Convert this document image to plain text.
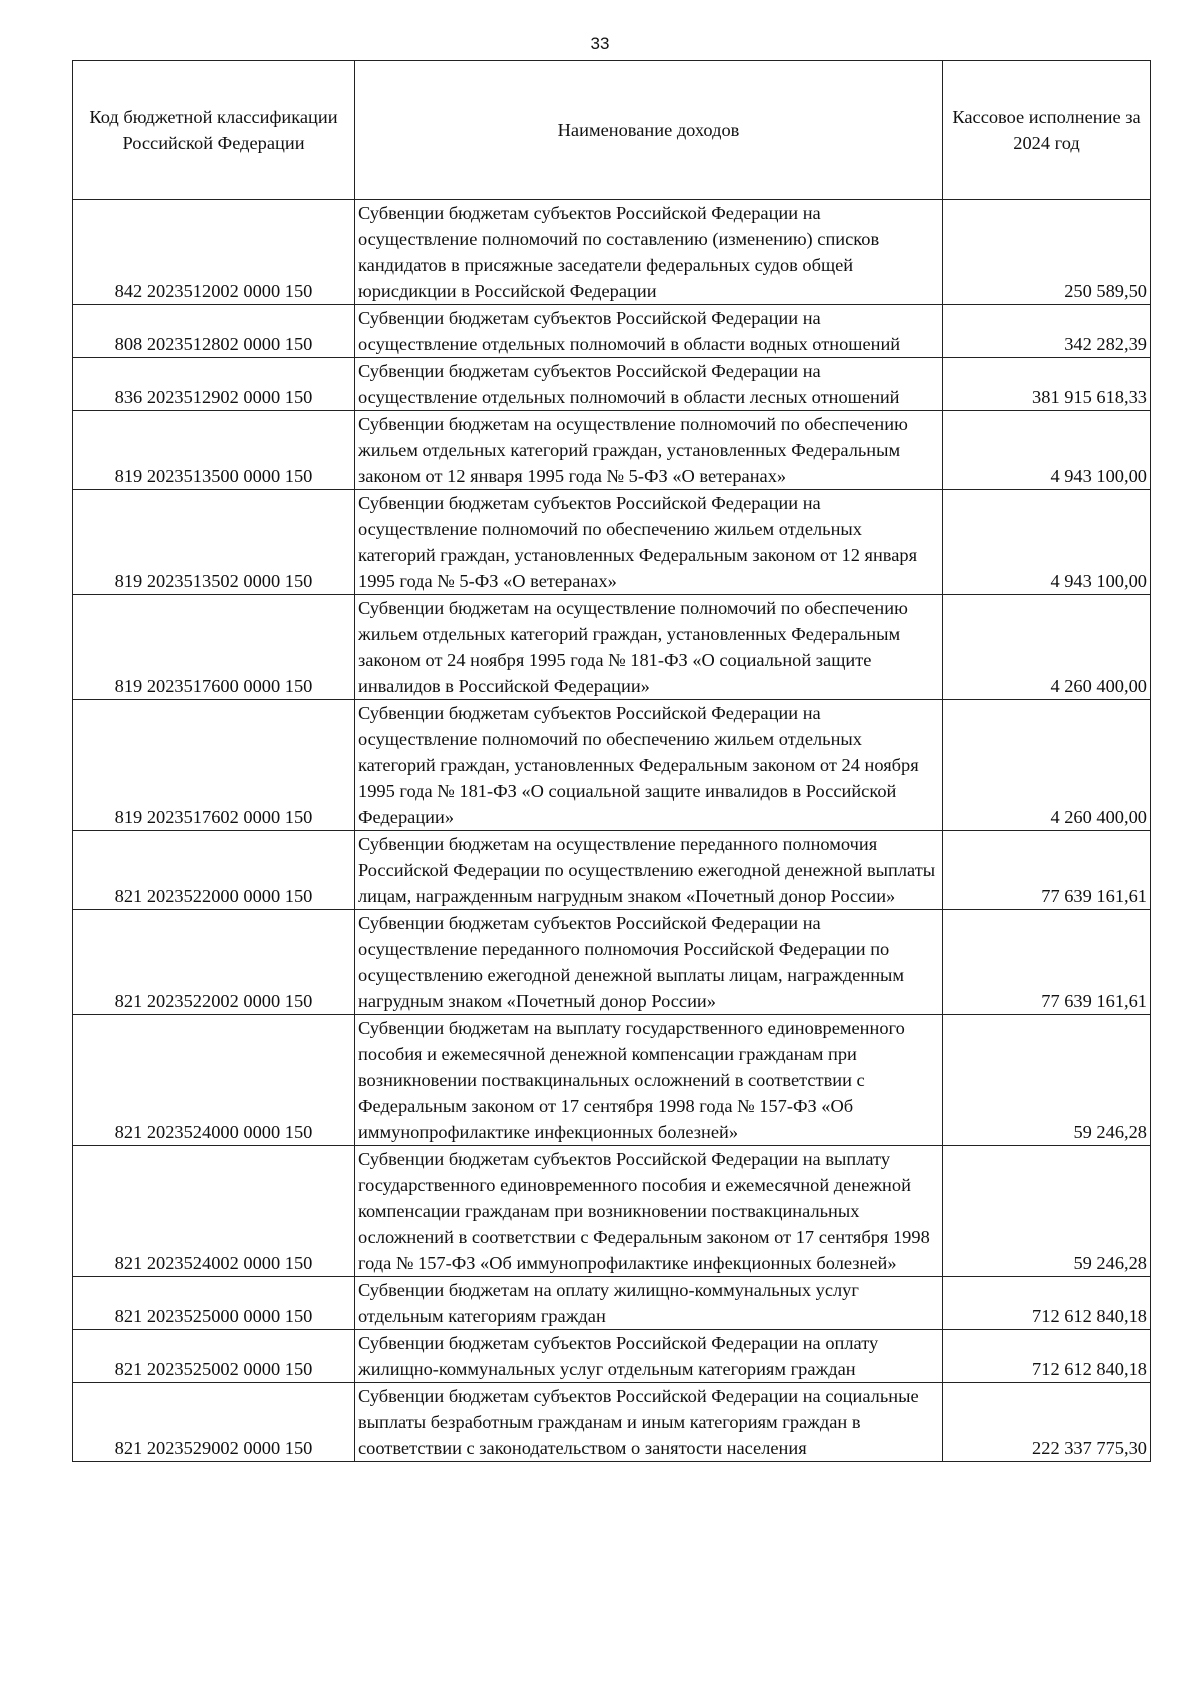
33
Код бюджетной классификации Российской Федерации	Наименование доходов	Кассовое исполнение за 2024 год
842 2023512002 0000 150	Субвенции бюджетам субъектов Российской Федерации на осуществление полномочий по составлению (изменению) списков кандидатов в присяжные заседатели федеральных судов общей юрисдикции в Российской Федерации	250 589,50
808 2023512802 0000 150	Субвенции бюджетам субъектов Российской Федерации на осуществление отдельных полномочий в области водных отношений	342 282,39
836 2023512902 0000 150	Субвенции бюджетам субъектов Российской Федерации на осуществление отдельных полномочий в области лесных отношений	381 915 618,33
819 2023513500 0000 150	Субвенции бюджетам на осуществление полномочий по обеспечению жильем отдельных категорий граждан, установленных Федеральным законом от 12 января 1995 года № 5-ФЗ «О ветеранах»	4 943 100,00
819 2023513502 0000 150	Субвенции бюджетам субъектов Российской Федерации на осуществление полномочий по обеспечению жильем отдельных категорий граждан, установленных Федеральным законом от 12 января 1995 года № 5-ФЗ «О ветеранах»	4 943 100,00
819 2023517600 0000 150	Субвенции бюджетам на осуществление полномочий по обеспечению жильем отдельных категорий граждан, установленных Федеральным законом от 24 ноября 1995 года № 181-ФЗ «О социальной защите инвалидов в Российской Федерации»	4 260 400,00
819 2023517602 0000 150	Субвенции бюджетам субъектов Российской Федерации на осуществление полномочий по обеспечению жильем отдельных категорий граждан, установленных Федеральным законом от 24 ноября 1995 года № 181-ФЗ «О социальной защите инвалидов в Российской Федерации»	4 260 400,00
821 2023522000 0000 150	Субвенции бюджетам на осуществление переданного полномочия Российской Федерации по осуществлению ежегодной денежной выплаты лицам, награжденным нагрудным знаком «Почетный донор России»	77 639 161,61
821 2023522002 0000 150	Субвенции бюджетам субъектов Российской Федерации на осуществление переданного полномочия Российской Федерации по осуществлению ежегодной денежной выплаты лицам, награжденным нагрудным знаком «Почетный донор России»	77 639 161,61
821 2023524000 0000 150	Субвенции бюджетам на выплату государственного единовременного пособия и ежемесячной денежной компенсации гражданам при возникновении поствакцинальных осложнений в соответствии с Федеральным законом от 17 сентября 1998 года № 157-ФЗ «Об иммунопрофилактике инфекционных болезней»	59 246,28
821 2023524002 0000 150	Субвенции бюджетам субъектов Российской Федерации на выплату государственного единовременного пособия и ежемесячной денежной компенсации гражданам при возникновении поствакцинальных осложнений в соответствии с Федеральным законом от 17 сентября 1998 года № 157-ФЗ «Об иммунопрофилактике инфекционных болезней»	59 246,28
821 2023525000 0000 150	Субвенции бюджетам на оплату жилищно-коммунальных услуг отдельным категориям граждан	712 612 840,18
821 2023525002 0000 150	Субвенции бюджетам субъектов Российской Федерации на оплату жилищно-коммунальных услуг отдельным категориям граждан	712 612 840,18
821 2023529002 0000 150	Субвенции бюджетам субъектов Российской Федерации на социальные выплаты безработным гражданам и иным категориям граждан в соответствии с законодательством о занятости населения	222 337 775,30
